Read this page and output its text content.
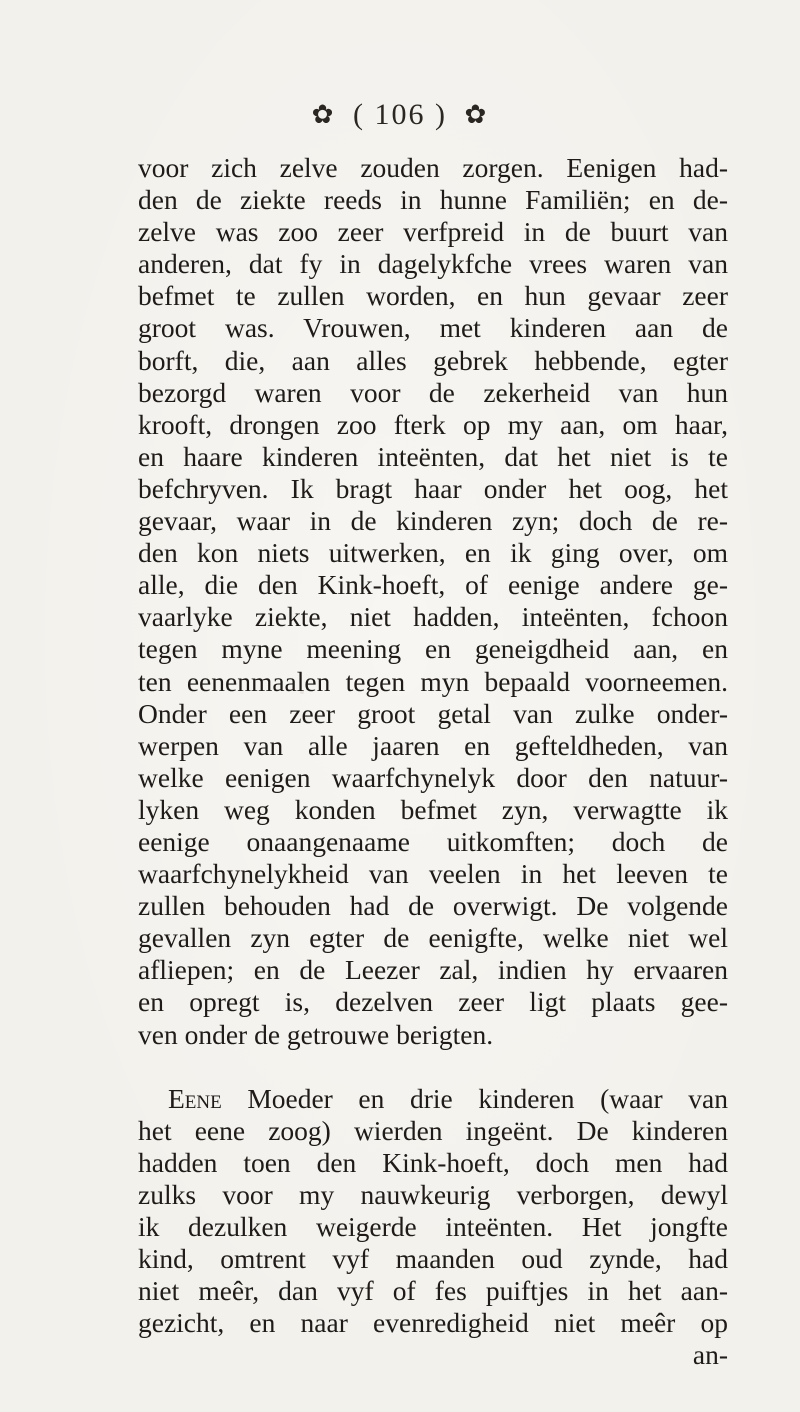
✿ ( 106 ) ✿
voor zich zelve zouden zorgen. Eenigen had-
den de ziekte reeds in hunne Familiën; en de-
zelve was zoo zeer verfpreid in de buurt van
anderen, dat fy in dagelykfche vrees waren van
befmet te zullen worden, en hun gevaar zeer
groot was. Vrouwen, met kinderen aan de
borft, die, aan alles gebrek hebbende, egter
bezorgd waren voor de zekerheid van hun
krooft, drongen zoo fterk op my aan, om haar,
en haare kinderen inteënten, dat het niet is te
befchryven. Ik bragt haar onder het oog, het
gevaar, waar in de kinderen zyn; doch de re-
den kon niets uitwerken, en ik ging over, om
alle, die den Kink-hoeft, of eenige andere ge-
vaarlyke ziekte, niet hadden, inteënten, fchoon
tegen myne meening en geneigdheid aan, en
ten eenenmaalen tegen myn bepaald voorneemen.
Onder een zeer groot getal van zulke onder-
werpen van alle jaaren en gefteldheden, van
welke eenigen waarfchynelyk door den natuur-
lyken weg konden befmet zyn, verwagtte ik
eenige onaangenaame uitkomften; doch de
waarfchynelykheid van veelen in het leeven te
zullen behouden had de overwigt. De volgende
gevallen zyn egter de eenigfte, welke niet wel
afliepen; en de Leezer zal, indien hy ervaaren
en opregt is, dezelven zeer ligt plaats gee-
ven onder de getrouwe berigten.
Eene Moeder en drie kinderen (waar van
het eene zoog) wierden ingeënt. De kinderen
hadden toen den Kink-hoeft, doch men had
zulks voor my nauwkeurig verborgen, dewyl
ik dezulken weigerde inteënten. Het jongfte
kind, omtrent vyf maanden oud zynde, had
niet meêr, dan vyf of fes puiftjes in het aan-
gezicht, en naar evenredigheid niet meêr op
an-
